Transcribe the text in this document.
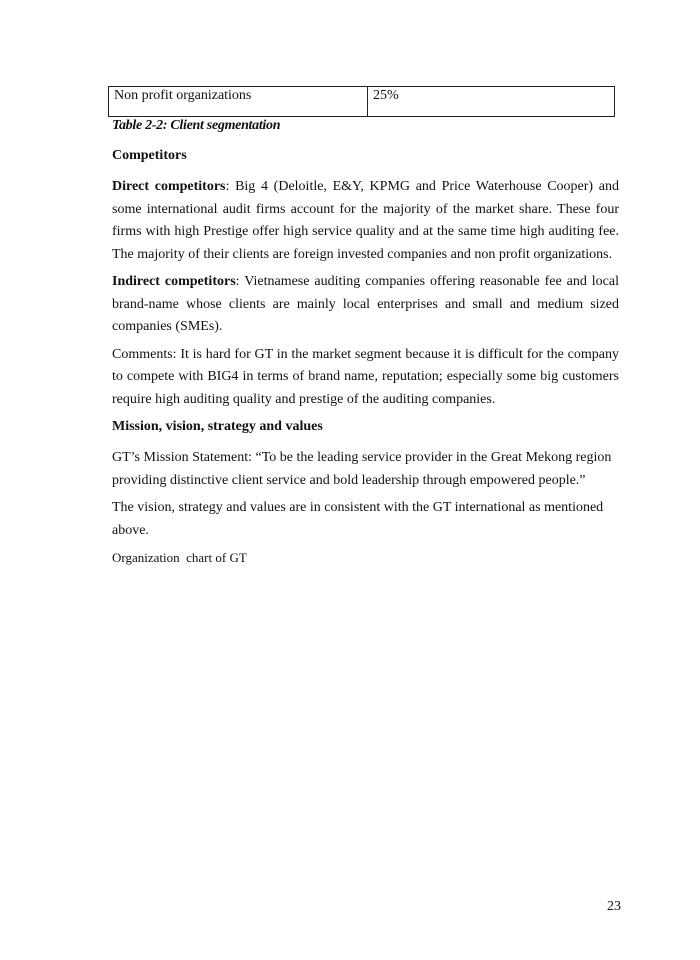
Non profit organizations	25%
Table 2-2: Client segmentation
Competitors

Direct competitors: Big 4 (Deloitle, E&Y, KPMG and Price Waterhouse Cooper) and some international audit firms account for the majority of the market share. These four firms with high Prestige offer high service quality and at the same time high auditing fee. The majority of their clients are foreign invested companies and non profit organizations.

Indirect competitors: Vietnamese auditing companies offering reasonable fee and local brand-name whose clients are mainly local enterprises and small and medium sized companies (SMEs).

Comments: It is hard for GT in the market segment because it is difficult for the company to compete with BIG4 in terms of brand name, reputation; especially some big customers require high auditing quality and prestige of the auditing companies.

Mission, vision, strategy and values

GT’s Mission Statement: “To be the leading service provider in the Great Mekong region providing distinctive client service and bold leadership through empowered people.”

The vision, strategy and values are in consistent with the GT international as mentioned above.

Organization  chart of GT
23
